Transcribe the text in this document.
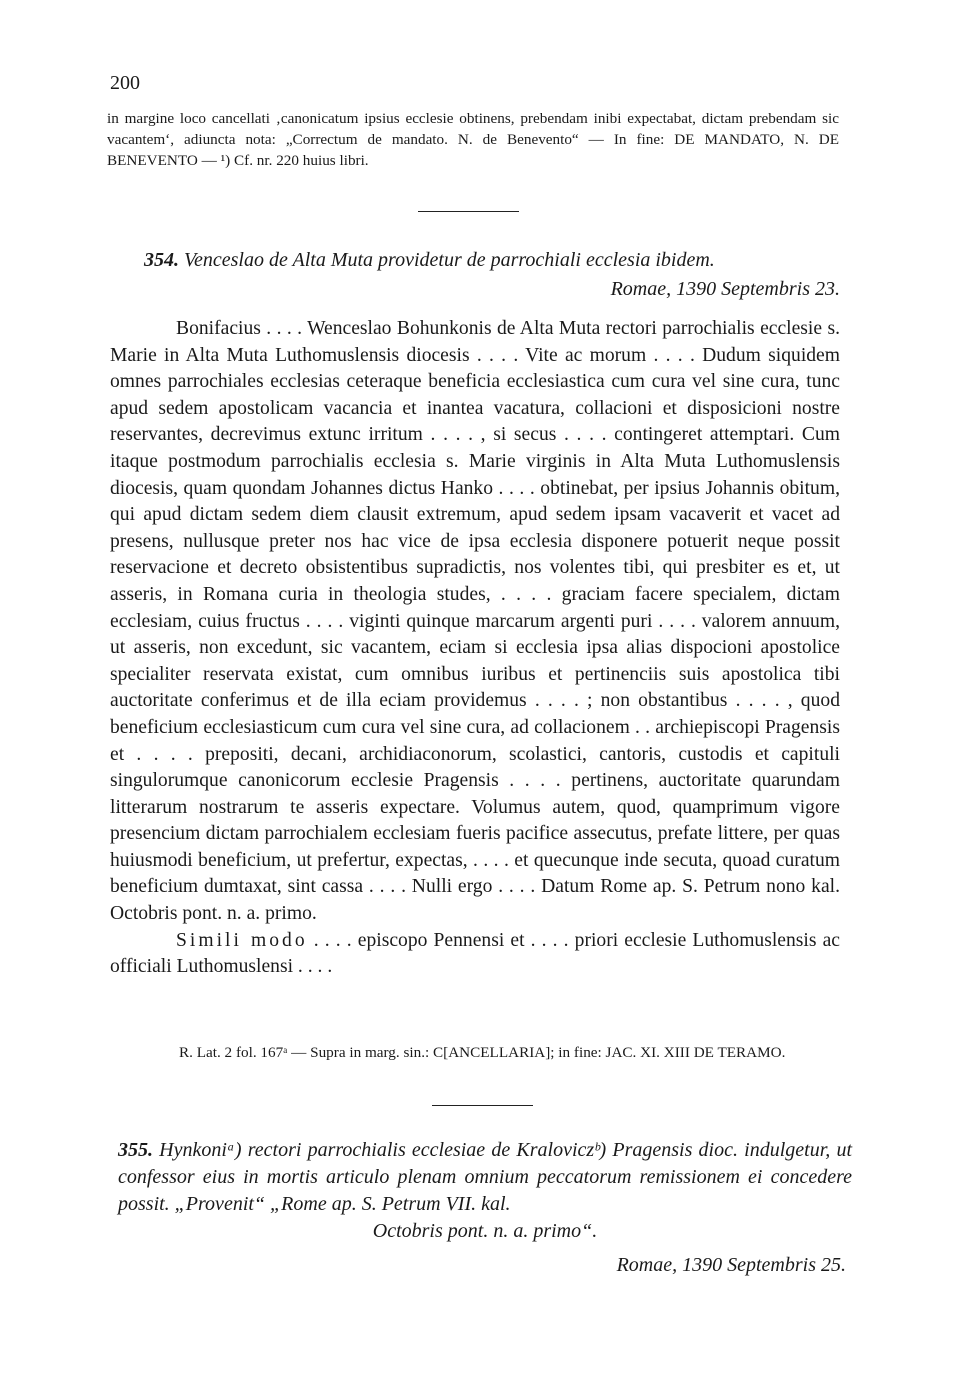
200
in margine loco cancellati ‚canonicatum ipsius ecclesie obtinens, prebendam inibi expectabat, dictam prebendam sic vacantem‘, adiuncta nota: „Correctum de mandato. N. de Benevento“ — In fine: DE MANDATO, N. DE BENEVENTO — ¹) Cf. nr. 220 huius libri.
354. Venceslao de Alta Muta providetur de parrochiali ecclesia ibidem.
Romae, 1390 Septembris 23.

Bonifacius . . . . Wenceslao Bohunkonis de Alta Muta rectori parrochialis ecclesie s. Marie in Alta Muta Luthomuslensis diocesis . . . . Vite ac morum . . . . Dudum siquidem omnes parrochiales ecclesias ceteraque beneficia ecclesiastica cum cura vel sine cura, tunc apud sedem apostolicam vacancia et inantea vacatura, collacioni et disposicioni nostre reservantes, decrevimus extunc irritum . . . . , si secus . . . . contingeret attemptari. Cum itaque postmodum parrochialis ecclesia s. Marie virginis in Alta Muta Luthomuslensis diocesis, quam quondam Johannes dictus Hanko . . . . obtinebat, per ipsius Johannis obitum, qui apud dictam sedem diem clausit extremum, apud sedem ipsam vacaverit et vacet ad presens, nullusque preter nos hac vice de ipsa ecclesia disponere potuerit neque possit reservacione et decreto obsistentibus supradictis, nos volentes tibi, qui presbiter es et, ut asseris, in Romana curia in theologia studes, . . . . graciam facere specialem, dictam ecclesiam, cuius fructus . . . . viginti quinque marcarum argenti puri . . . . valorem annuum, ut asseris, non excedunt, sic vacantem, eciam si ecclesia ipsa alias dispocioni apostolice specialiter reservata existat, cum omnibus iuribus et pertinenciis suis apostolica tibi auctoritate conferimus et de illa eciam providemus . . . . ; non obstantibus . . . . , quod beneficium ecclesiasticum cum cura vel sine cura, ad collacionem . . archiepiscopi Pragensis et . . . . prepositi, decani, archidiaconorum, scolastici, cantoris, custodis et capituli singulorumque canonicorum ecclesie Pragensis . . . . pertinens, auctoritate quarundam litterarum nostrarum te asseris expectare. Volumus autem, quod, quamprimum vigore presencium dictam parrochialem ecclesiam fueris pacifice assecutus, prefate littere, per quas huiusmodi beneficium, ut prefertur, expectas, . . . . et quecunque inde secuta, quoad curatum beneficium dumtaxat, sint cassa . . . . Nulli ergo . . . . Datum Rome ap. S. Petrum nono kal. Octobris pont. n. a. primo.

Simili modo . . . . episcopo Pennensi et . . . . priori ecclesie Luthomuslensis ac officiali Luthomuslensi . . . .

R. Lat. 2 fol. 167ᵃ — Supra in marg. sin.: C[ANCELLARIA]; in fine: JAC. XI. XIII DE TERAMO.

355. Hynkoniᵃ) rectori parrochialis ecclesiae de Kraloviczᵇ) Pragensis dioc. indulgetur, ut confessor eius in mortis articulo plenam omnium peccatorum remissionem ei concedere possit. „Provenit“ „Rome ap. S. Petrum VII. kal.
Octobris pont. n. a. primo“.
Romae, 1390 Septembris 25.
